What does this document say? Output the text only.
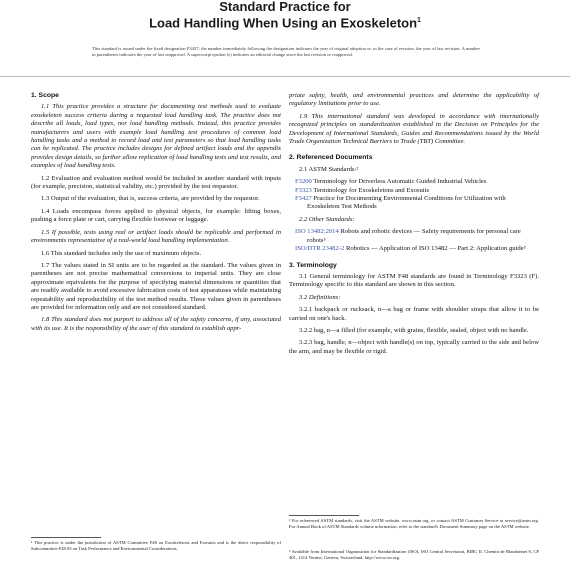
Standard Practice for
Load Handling When Using an Exoskeleton$^1$
This standard is issued under the fixed designation F3427; the number immediately following the designation indicates the year of original adoption or, in the case of revision, the year of last revision. A number in parentheses indicates the year of last reapproval. A superscript epsilon (ε) indicates an editorial change since the last revision or reapproval.
1. Scope
1.1 This practice provides a structure for documenting test methods used to evaluate exoskeleton success criteria during a requested load handling task. The practice does not describe all loads, load types, nor load handling methods. Instead, this practice provides manufacturers and users with example load handling test procedures of common load handling tasks and a method to record load and test parameters so that load handling tasks can be replicated. The practice includes designs for defined artifact loads and the appendix provides design details, so further allow replication of load handling tests and test results, and examples of load handling tests.
1.2 Evaluation and evaluation method would be included in another standard with inputs (for example, precision, statistical validity, etc.) provided by the test requestor.
1.3 Output of the evaluation, that is, success criteria, are provided by the requestor.
1.4 Loads encompass forces applied to physical objects, for example: lifting boxes, pushing a force plate or cart, carrying flexible footwear or luggage.
1.5 If possible, tests using real or artifact loads should be replicable and performed in environments representative of a real-world load handling implementation.
1.6 This standard includes only the use of maximum objects.
1.7 The values stated in SI units are to be regarded as the standard. The values given in parentheses are not precise mathematical conversions to imperial units. They are close approximate equivalents for the purpose of specifying material dimensions or quantities that are readily available to avoid excessive fabrication costs of test apparatuses while maintaining repeatability and reproducibility of the test method results. These values given in parentheses are provided for information only and are not considered standard.
1.8 This standard does not purport to address all of the safety concerns, if any, associated with its use. It is the responsibility of the user of this standard to establish appr-
¹ This practice is under the jurisdiction of ASTM Committee F48 on Exoskeletons and Exosuits and is the direct responsibility of Subcommittee F48.03 on Task Performance and Environmental Considerations.
priate safety, health, and environmental practices and determine the applicability of regulatory limitations prior to use.
1.9 This international standard was developed in accordance with internationally recognized principles on standardization established in the Decision on Principles for the Development of International Standards, Guides and Recommendations issued by the World Trade Organization Technical Barriers to Trade (TBT) Committee.
2. Referenced Documents
2.1 ASTM Standards:²
F3200 Terminology for Driverless Automatic Guided Industrial Vehicles
F3323 Terminology for Exoskeletons and Exosuits
F3427 Practice for Documenting Environmental Conditions for Utilization with Exoskeleton Test Methods
2.2 Other Standards:
ISO 13482:2014 Robots and robotic devices — Safety requirements for personal care robots³
ISO/DTR 23482-2 Robotics — Application of ISO 13482 — Part 2: Application guide³
3. Terminology
3.1 General terminology for ASTM F48 standards are found in Terminology F3323 (F). Terminology specific to this standard are shown in this section.
3.2 Definitions:
3.2.1 backpack or rucksack, n—a bag or frame with shoulder straps that allow it to be carried on one's back.
3.2.2 bag, n—a filled (for example, with grains, flexible, sealed, object with no handle.
3.2.3 bag, handle, n—object with handle(s) on top, typically carried to the side and below the arm, and may be flexible or rigid.
² For referenced ASTM standards, visit the ASTM website, www.astm.org, or contact ASTM Customer Service at service@astm.org. For Annual Book of ASTM Standards volume information, refer to the standard's Document Summary page on the ASTM website.
³ Available from International Organization for Standardization (ISO), ISO Central Secretariat, BIBC II, Chemin de Blandonnet 8, CP 401, 1214 Vernier, Geneva, Switzerland, http://www.iso.org.
